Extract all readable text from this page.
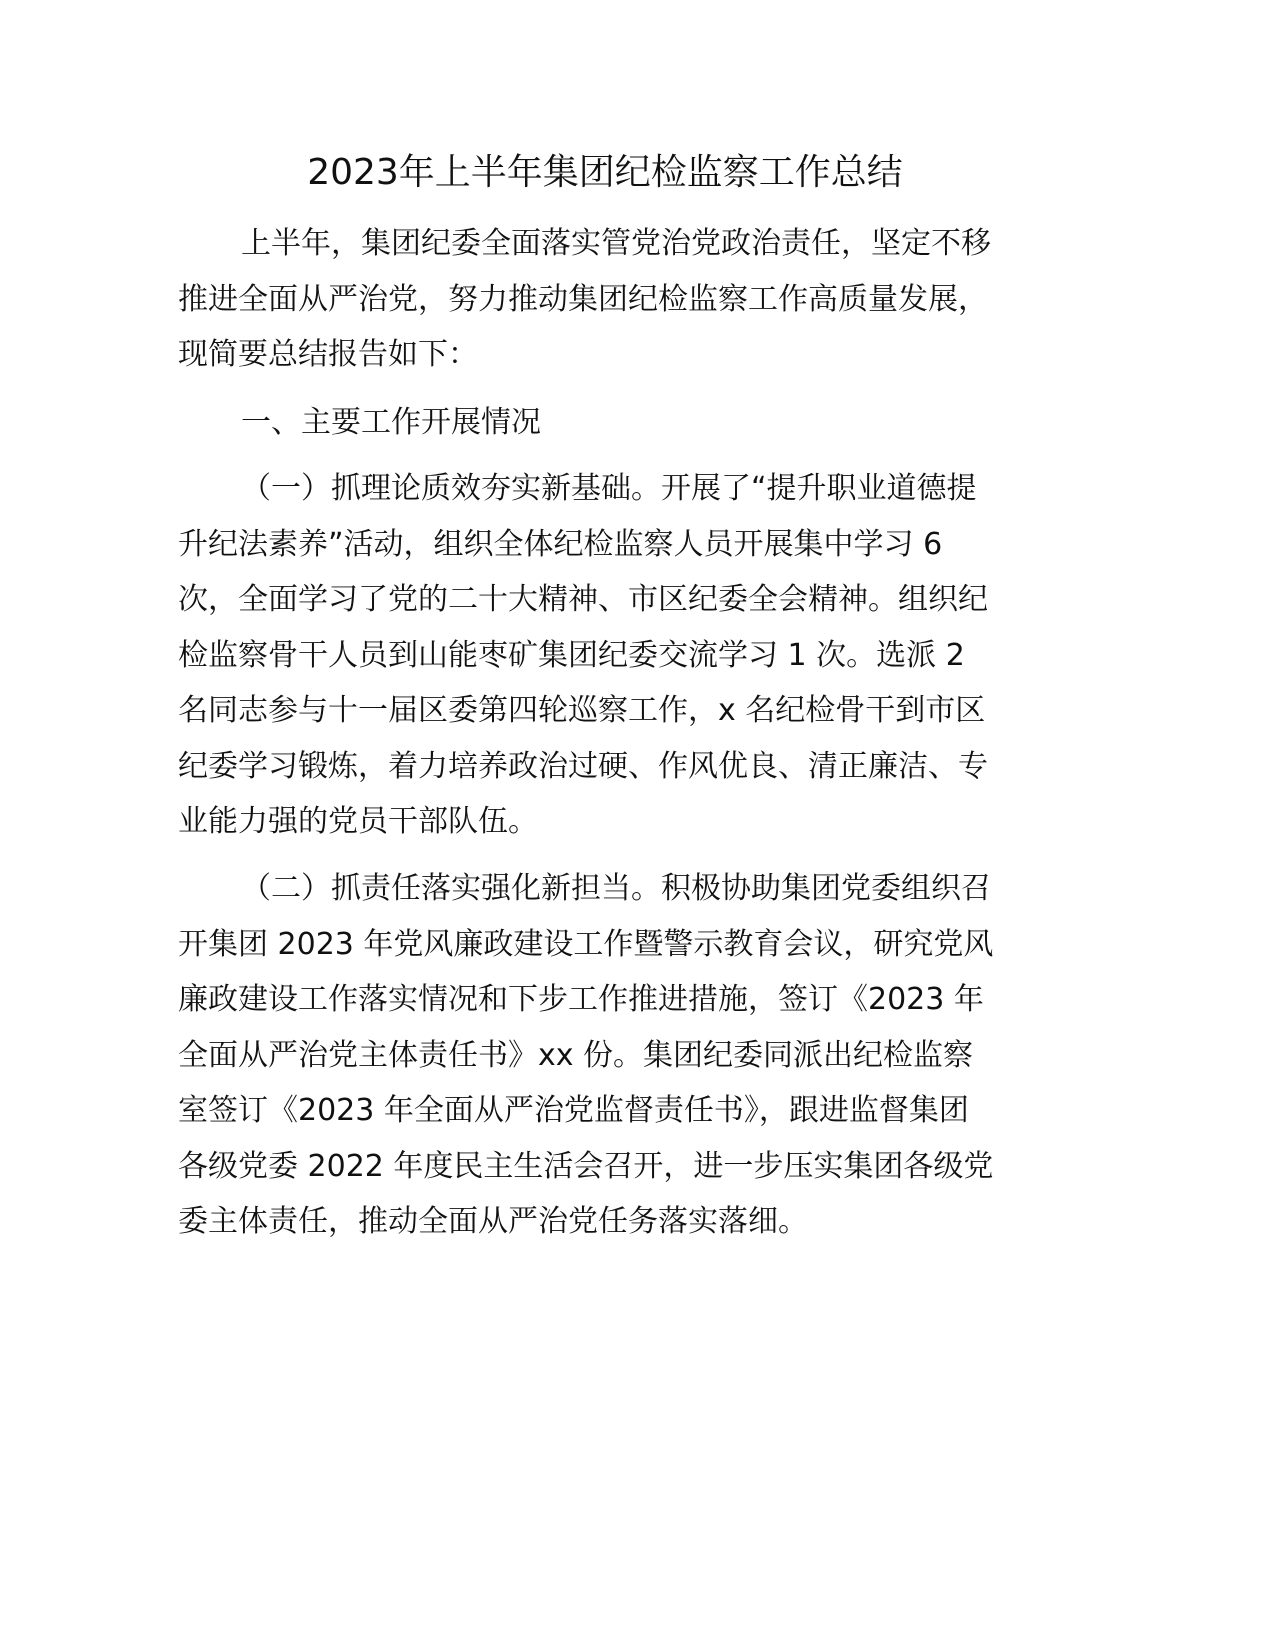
2023年上半年集团纪检监察工作总结
上半年，集团纪委全面落实管党治党政治责任，坚定不移
推进全面从严治党，努力推动集团纪检监察工作高质量发展，
现简要总结报告如下：
一、主要工作开展情况
（一）抓理论质效夯实新基础。开展了“提升职业道德提
升纪法素养”活动，组织全体纪检监察人员开展集中学习 6
次，全面学习了党的二十大精神、市区纪委全会精神。组织纪
检监察骨干人员到山能枣矿集团纪委交流学习 1 次。选派 2
名同志参与十一届区委第四轮巡察工作，x 名纪检骨干到市区
纪委学习锻炼，着力培养政治过硬、作风优良、清正廉洁、专
业能力强的党员干部队伍。
（二）抓责任落实强化新担当。积极协助集团党委组织召
开集团 2023 年党风廉政建设工作暨警示教育会议，研究党风
廉政建设工作落实情况和下步工作推进措施，签订《2023 年
全面从严治党主体责任书》xx 份。集团纪委同派出纪检监察
室签订《2023 年全面从严治党监督责任书》，跟进监督集团
各级党委 2022 年度民主生活会召开，进一步压实集团各级党
委主体责任，推动全面从严治党任务落实落细。
